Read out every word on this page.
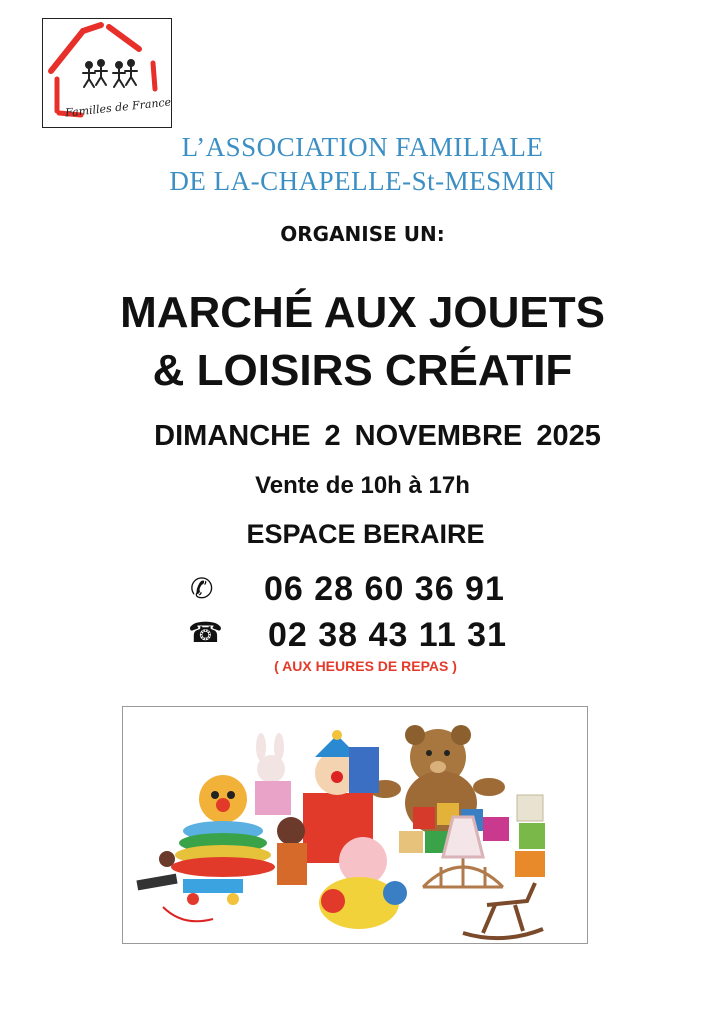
Familles de France
L’ASSOCIATION FAMILIALE
DE LA-CHAPELLE-St-MESMIN
ORGANISE UN:
MARCHÉ AUX JOUETS
& LOISIRS CRÉATIF
DIMANCHE 2 NOVEMBRE 2025
Vente de 10h à 17h
ESPACE BERAIRE
✆ 06 28 60 36 91
☎ 02 38 43 11 31
( AUX HEURES DE REPAS )
